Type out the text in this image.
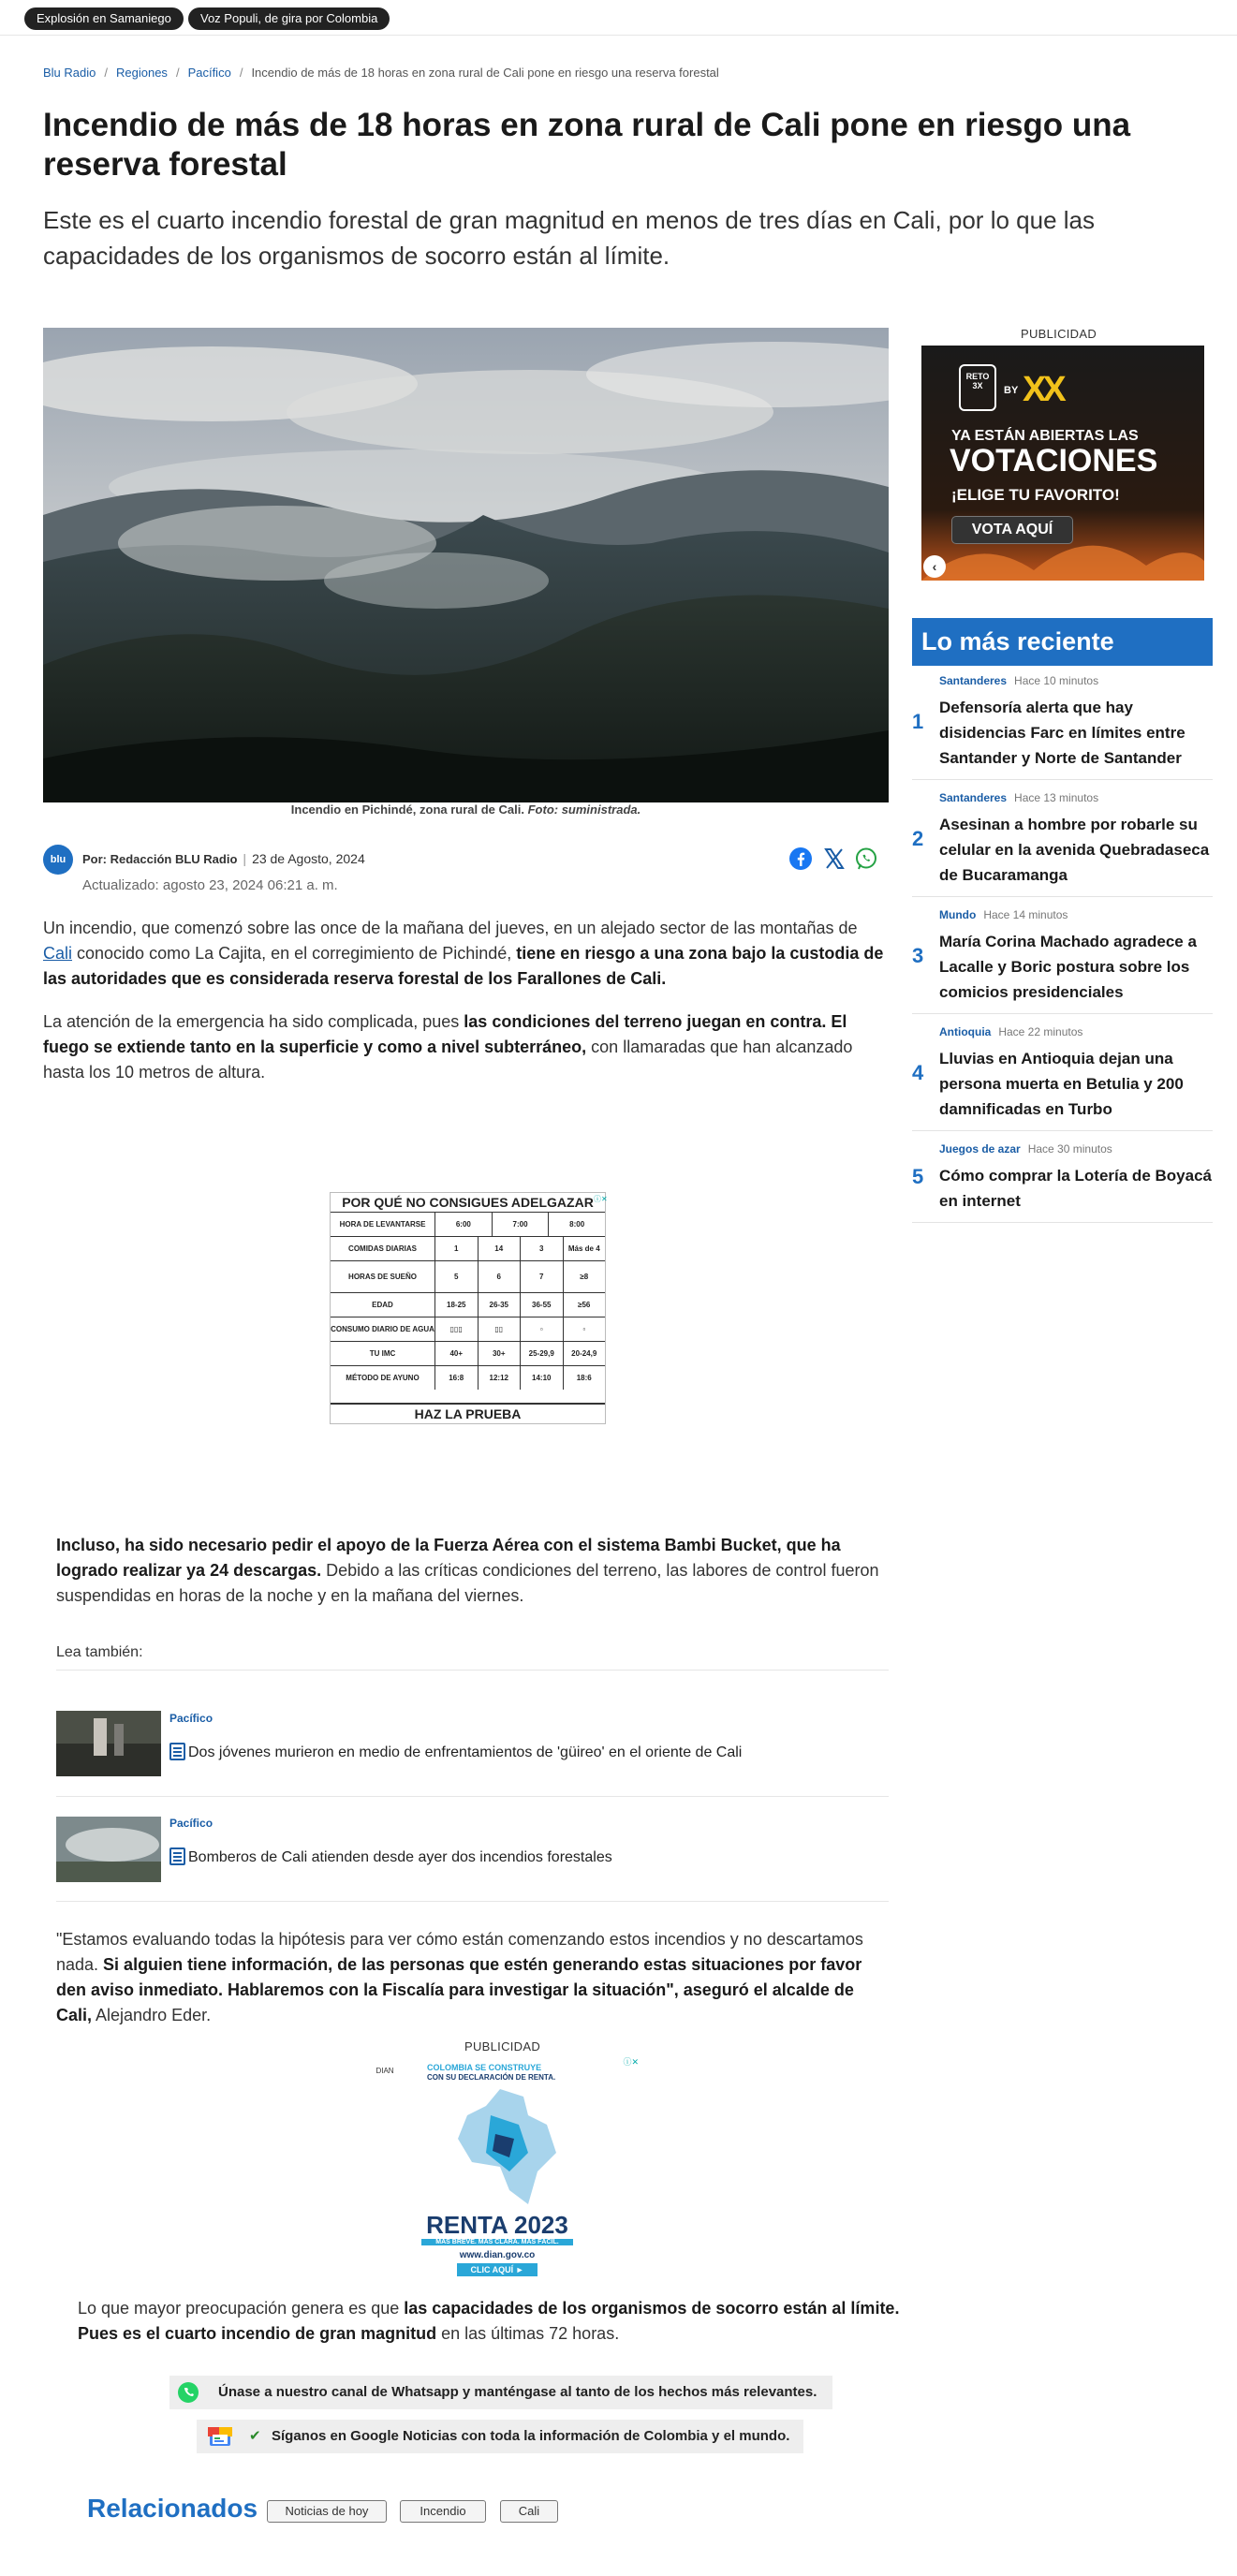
Explosión en Samaniego	Voz Populi, de gira por Colombia
Blu Radio / Regiones / Pacífico / Incendio de más de 18 horas en zona rural de Cali pone en riesgo una reserva forestal
Incendio de más de 18 horas en zona rural de Cali pone en riesgo una reserva forestal

Este es el cuarto incendio forestal de gran magnitud en menos de tres días en Cali, por lo que las capacidades de los organismos de socorro están al límite.

Incendio en Pichindé, zona rural de Cali. Foto: suministrada.
blu	Por: Redacción BLU Radio | 23 de Agosto, 2024
Actualizado: agosto 23, 2024 06:21 a. m.

Un incendio, que comenzó sobre las once de la mañana del jueves, en un alejado sector de las montañas de Cali conocido como La Cajita, en el corregimiento de Pichindé, tiene en riesgo a una zona bajo la custodia de las autoridades que es considerada reserva forestal de los Farallones de Cali.

La atención de la emergencia ha sido complicada, pues las condiciones del terreno juegan en contra. El fuego se extiende tanto en la superficie y como a nivel subterráneo, con llamaradas que han alcanzado hasta los 10 metros de altura.

ⓘ✕
POR QUÉ NO CONSIGUES ADELGAZAR
HORA DE LEVANTARSE	6:00	7:00	8:00
COMIDAS DIARIAS	1	14	3	Más de 4
HORAS DE SUEÑO	5	6	7	≥8
EDAD	18-25	26-35	36-55	≥56
CONSUMO DIARIO DE AGUA	▯▯▯	▯▯	▫	▫
TU IMC	40+	30+	25-29,9	20-24,9
MÉTODO DE AYUNO	16:8	12:12	14:10	18:6
HAZ LA PRUEBA

Incluso, ha sido necesario pedir el apoyo de la Fuerza Aérea con el sistema Bambi Bucket, que ha logrado realizar ya 24 descargas. Debido a las críticas condiciones del terreno, las labores de control fueron suspendidas en horas de la noche y en la mañana del viernes.

Lea también:
Pacífico
Dos jóvenes murieron en medio de enfrentamientos de 'güireo' en el oriente de Cali
Pacífico
Bomberos de Cali atienden desde ayer dos incendios forestales

"Estamos evaluando todas la hipótesis para ver cómo están comenzando estos incendios y no descartamos nada. Si alguien tiene información, de las personas que estén generando estas situaciones por favor den aviso inmediato. Hablaremos con la Fiscalía para investigar la situación", aseguró el alcalde de Cali, Alejandro Eder.

PUBLICIDAD
DIAN
ⓘ✕
COLOMBIA SE CONSTRUYE
CON SU DECLARACIÓN DE RENTA.
RENTA 2023
MÁS BREVE. MÁS CLARA. MÁS FÁCIL.
www.dian.gov.co
CLIC AQUÍ ►

Lo que mayor preocupación genera es que las capacidades de los organismos de socorro están al límite. Pues es el cuarto incendio de gran magnitud en las últimas 72 horas.

Únase a nuestro canal de Whatsapp y manténgase al tanto de los hechos más relevantes.
✔ Síganos en Google Noticias con toda la información de Colombia y el mundo.
Relacionados	Noticias de hoy	Incendio	Cali
PUBLICIDAD
RETO 3X	BY XX
YA ESTÁN ABIERTAS LAS
VOTACIONES
¡ELIGE TU FAVORITO!
VOTA AQUÍ
‹
Lo más reciente
Santanderes Hace 10 minutos
1
Defensoría alerta que hay disidencias Farc en límites entre Santander y Norte de Santander
Santanderes Hace 13 minutos
2
Asesinan a hombre por robarle su celular en la avenida Quebradaseca de Bucaramanga
Mundo Hace 14 minutos
3
María Corina Machado agradece a Lacalle y Boric postura sobre los comicios presidenciales
Antioquia Hace 22 minutos
4
Lluvias en Antioquia dejan una persona muerta en Betulia y 200 damnificadas en Turbo
Juegos de azar Hace 30 minutos
5 Cómo comprar la Lotería de Boyacá en internet
